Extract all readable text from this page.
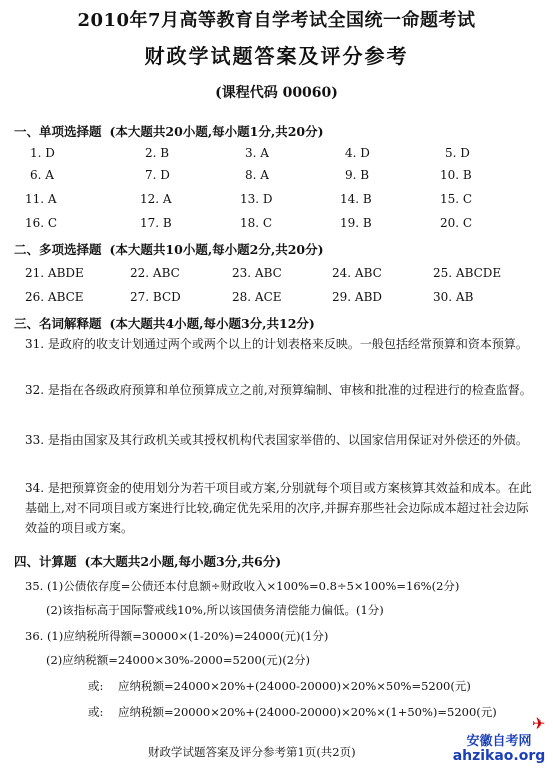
2010年7月高等教育自学考试全国统一命题考试
财政学试题答案及评分参考
(课程代码 00060)
一、单项选择题 (本大题共20小题,每小题1分,共20分)
1. D	2. B	3. A	4. D	5. D
6. A	7. D	8. A	9. B	10. B
11. A	12. A	13. D	14. B	15. C
16. C	17. B	18. C	19. B	20. C
二、多项选择题 (本大题共10小题,每小题2分,共20分)
21. ABDE	22. ABC	23. ABC	24. ABC	25. ABCDE
26. ABCE	27. BCD	28. ACE	29. ABD	30. AB
三、名词解释题 (本大题共4小题,每小题3分,共12分)
31. 是政府的收支计划通过两个或两个以上的计划表格来反映。一般包括经常预算和资本预算。
32. 是指在各级政府预算和单位预算成立之前,对预算编制、审核和批准的过程进行的检查监督。
33. 是指由国家及其行政机关或其授权机构代表国家举借的、以国家信用保证对外偿还的外债。
34. 是把预算资金的使用划分为若干项目或方案,分别就每个项目或方案核算其效益和成本。在此基础上,对不同项目或方案进行比较,确定优先采用的次序,并摒弃那些社会边际成本超过社会边际效益的项目或方案。
四、计算题 (本大题共2小题,每小题3分,共6分)
35. (1)公债依存度=公债还本付息额÷财政收入×100%=0.8÷5×100%=16%(2分)
(2)该指标高于国际警戒线10%,所以该国债务清偿能力偏低。(1分)
36. (1)应纳税所得额=30000×(1-20%)=24000(元)(1分)
(2)应纳税额=24000×30%-2000=5200(元)(2分)
或: 应纳税额=24000×20%+(24000-20000)×20%×50%=5200(元)
或: 应纳税额=20000×20%+(24000-20000)×20%×(1+50%)=5200(元)
财政学试题答案及评分参考第1页(共2页)
✈
安徽自考网
ahzikao.org
